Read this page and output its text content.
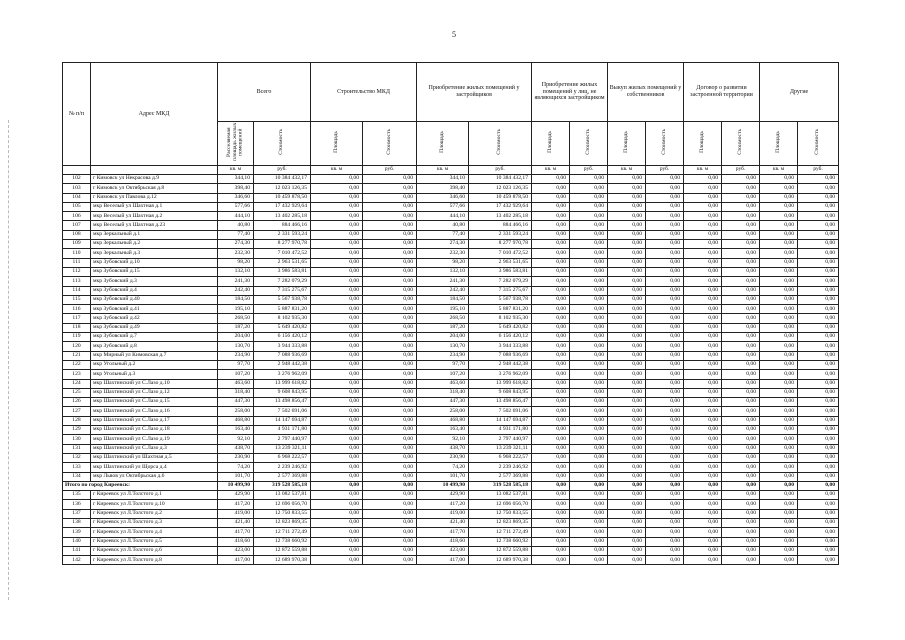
5
№ п/п	Адрес МКД	Всего		Строительство МКД		Приобретение жилых помещений у застройщиков		Приобретение жилых помещений у лиц, не являющихся застройщиком		Выкуп жилых помещений у собственников		Договор о развитии застроенной территории		Другие	
		Расселяемая площадь жилых помещений	Стоимость	Площадь	Стоимость	Площадь	Стоимость	Площадь	Стоимость	Площадь	Стоимость	Площадь	Стоимость	Площадь	Стоимость
		кв. м	руб.	кв. м	руб.	кв. м	руб.	кв. м	руб.	кв. м	руб.	кв. м	руб.	кв. м	руб.
102	г Кимовск ул Некрасова д.9	344,10	10 384 432,17	0,00	0,00	344,10	10 384 432,17	0,00	0,00	0,00	0,00	0,00	0,00	0,00	0,00
103	г Кимовск ул Октябрьская д.8	398,40	12 023 126,35	0,00	0,00	398,40	12 023 126,35	0,00	0,00	0,00	0,00	0,00	0,00	0,00	0,00
104	г Кимовск ул Павлова д.12	346,60	10 459 878,50	0,00	0,00	346,60	10 459 878,50	0,00	0,00	0,00	0,00	0,00	0,00	0,00	0,00
105	мкр Веселый ул Шахтная д.1	577,66	17 432 929,64	0,00	0,00	577,66	17 432 929,64	0,00	0,00	0,00	0,00	0,00	0,00	0,00	0,00
106	мкр Веселый ул Шахтная д.2	444,10	13 402 285,18	0,00	0,00	444,10	13 402 285,18	0,00	0,00	0,00	0,00	0,00	0,00	0,00	0,00
107	мкр Веселый ул Шахтная д.23	40,80	884 466,16	0,00	0,00	40,80	884 466,16	0,00	0,00	0,00	0,00	0,00	0,00	0,00	0,00
108	мкр Зеркальный д.1	77,40	2 331 593,24	0,00	0,00	77,40	2 331 593,24	0,00	0,00	0,00	0,00	0,00	0,00	0,00	0,00
109	мкр Зеркальный д.2	274,30	8 277 970,78	0,00	0,00	274,30	8 277 970,78	0,00	0,00	0,00	0,00	0,00	0,00	0,00	0,00
110	мкр Зеркальный д.3	232,30	7 010 472,52	0,00	0,00	232,30	7 010 472,52	0,00	0,00	0,00	0,00	0,00	0,00	0,00	0,00
111	мкр Зубовский д.10	98,20	2 963 531,65	0,00	0,00	98,20	2 963 531,65	0,00	0,00	0,00	0,00	0,00	0,00	0,00	0,00
112	мкр Зубовский д.15	132,10	3 986 583,81	0,00	0,00	132,10	3 986 583,81	0,00	0,00	0,00	0,00	0,00	0,00	0,00	0,00
113	мкр Зубовский д.3	241,30	7 282 079,29	0,00	0,00	241,30	7 282 079,29	0,00	0,00	0,00	0,00	0,00	0,00	0,00	0,00
114	мкр Зубовский д.4	242,40	7 315 275,67	0,00	0,00	242,40	7 315 275,67	0,00	0,00	0,00	0,00	0,00	0,00	0,00	0,00
115	мкр Зубовский д.40	184,50	5 567 938,78	0,00	0,00	184,50	5 567 938,78	0,00	0,00	0,00	0,00	0,00	0,00	0,00	0,00
116	мкр Зубовский д.41	195,10	5 887 831,20	0,00	0,00	195,10	5 887 831,20	0,00	0,00	0,00	0,00	0,00	0,00	0,00	0,00
117	мкр Зубовский д.42	268,50	8 102 935,30	0,00	0,00	268,50	8 102 935,30	0,00	0,00	0,00	0,00	0,00	0,00	0,00	0,00
118	мкр Зубовский д.49	187,20	5 649 420,82	0,00	0,00	187,20	5 649 420,82	0,00	0,00	0,00	0,00	0,00	0,00	0,00	0,00
119	мкр Зубовский д.7	204,00	6 156 420,12	0,00	0,00	204,00	6 156 420,12	0,00	0,00	0,00	0,00	0,00	0,00	0,00	0,00
120	мкр Зубовский д.8	130,70	3 944 333,88	0,00	0,00	130,70	3 944 333,88	0,00	0,00	0,00	0,00	0,00	0,00	0,00	0,00
121	мкр Мирный ул Кимовская д.7	234,90	7 088 936,69	0,00	0,00	234,90	7 088 936,69	0,00	0,00	0,00	0,00	0,00	0,00	0,00	0,00
122	мкр Угольный д.2	97,70	2 948 442,38	0,00	0,00	97,70	2 948 442,38	0,00	0,00	0,00	0,00	0,00	0,00	0,00	0,00
123	мкр Угольный д.3	107,20	3 276 962,09	0,00	0,00	107,20	3 276 962,09	0,00	0,00	0,00	0,00	0,00	0,00	0,00	0,00
124	мкр Шахтинский ул С.Лазо д.10	463,60	13 999 618,82	0,00	0,00	463,60	13 999 618,82	0,00	0,00	0,00	0,00	0,00	0,00	0,00	0,00
125	мкр Шахтинский ул С.Лазо д.12	318,40	9 608 843,95	0,00	0,00	318,40	9 608 843,95	0,00	0,00	0,00	0,00	0,00	0,00	0,00	0,00
126	мкр Шахтинский ул С.Лазо д.15	447,30	13 498 856,47	0,00	0,00	447,30	13 498 856,47	0,00	0,00	0,00	0,00	0,00	0,00	0,00	0,00
127	мкр Шахтинский ул С.Лазо д.16	258,00	7 502 691,06	0,00	0,00	258,00	7 502 691,06	0,00	0,00	0,00	0,00	0,00	0,00	0,00	0,00
128	мкр Шахтинский ул С.Лазо д.17	468,80	14 147 694,87	0,00	0,00	468,80	14 147 694,87	0,00	0,00	0,00	0,00	0,00	0,00	0,00	0,00
129	мкр Шахтинский ул С.Лазо д.18	163,40	4 931 171,80	0,00	0,00	163,40	4 931 171,80	0,00	0,00	0,00	0,00	0,00	0,00	0,00	0,00
130	мкр Шахтинский ул С.Лазо д.19	92,10	2 797 440,97	0,00	0,00	92,10	2 797 440,97	0,00	0,00	0,00	0,00	0,00	0,00	0,00	0,00
131	мкр Шахтинский ул С.Лазо д.3	438,70	13 239 321,11	0,00	0,00	438,70	13 239 321,11	0,00	0,00	0,00	0,00	0,00	0,00	0,00	0,00
132	мкр Шахтинский ул Шахтная д.5	230,90	6 968 222,57	0,00	0,00	230,90	6 968 222,57	0,00	0,00	0,00	0,00	0,00	0,00	0,00	0,00
133	мкр Шахтинский ул Щорса д.4	74,20	2 239 246,92	0,00	0,00	74,20	2 239 246,92	0,00	0,00	0,00	0,00	0,00	0,00	0,00	0,00
134	мкр Львов ул Октябрьская д.6	101,70	2 577 369,88	0,00	0,00	101,70	2 577 369,88	0,00	0,00	0,00	0,00	0,00	0,00	0,00	0,00
Итого по город Киреевск:		10 499,90	319 528 585,18	0,00	0,00	10 499,90	319 528 585,18	0,00	0,00	0,00	0,00	0,00	0,00	0,00	0,00
135	г Киреевск ул Л.Толстого д.1	429,90	13 082 537,81	0,00	0,00	429,90	13 082 537,81	0,00	0,00	0,00	0,00	0,00	0,00	0,00	0,00
136	г Киреевск ул Л.Толстого д.10	417,20	12 696 056,70	0,00	0,00	417,20	12 696 056,70	0,00	0,00	0,00	0,00	0,00	0,00	0,00	0,00
137	г Киреевск ул Л.Толстого д.2	419,00	12 750 833,55	0,00	0,00	419,00	12 750 833,55	0,00	0,00	0,00	0,00	0,00	0,00	0,00	0,00
138	г Киреевск ул Л.Толстого д.3	421,40	12 823 869,35	0,00	0,00	421,40	12 823 869,35	0,00	0,00	0,00	0,00	0,00	0,00	0,00	0,00
139	г Киреевск ул Л.Толстого д.4	417,70	12 711 272,49	0,00	0,00	417,70	12 711 272,49	0,00	0,00	0,00	0,00	0,00	0,00	0,00	0,00
140	г Киреевск ул Л.Толстого д.5	418,60	12 738 660,92	0,00	0,00	418,60	12 738 660,92	0,00	0,00	0,00	0,00	0,00	0,00	0,00	0,00
141	г Киреевск ул Л.Толстого д.6	423,00	12 872 559,88	0,00	0,00	423,00	12 872 559,88	0,00	0,00	0,00	0,00	0,00	0,00	0,00	0,00
142	г Киреевск ул Л.Толстого д.8	417,00	12 689 970,38	0,00	0,00	417,00	12 689 970,38	0,00	0,00	0,00	0,00	0,00	0,00	0,00	0,00
